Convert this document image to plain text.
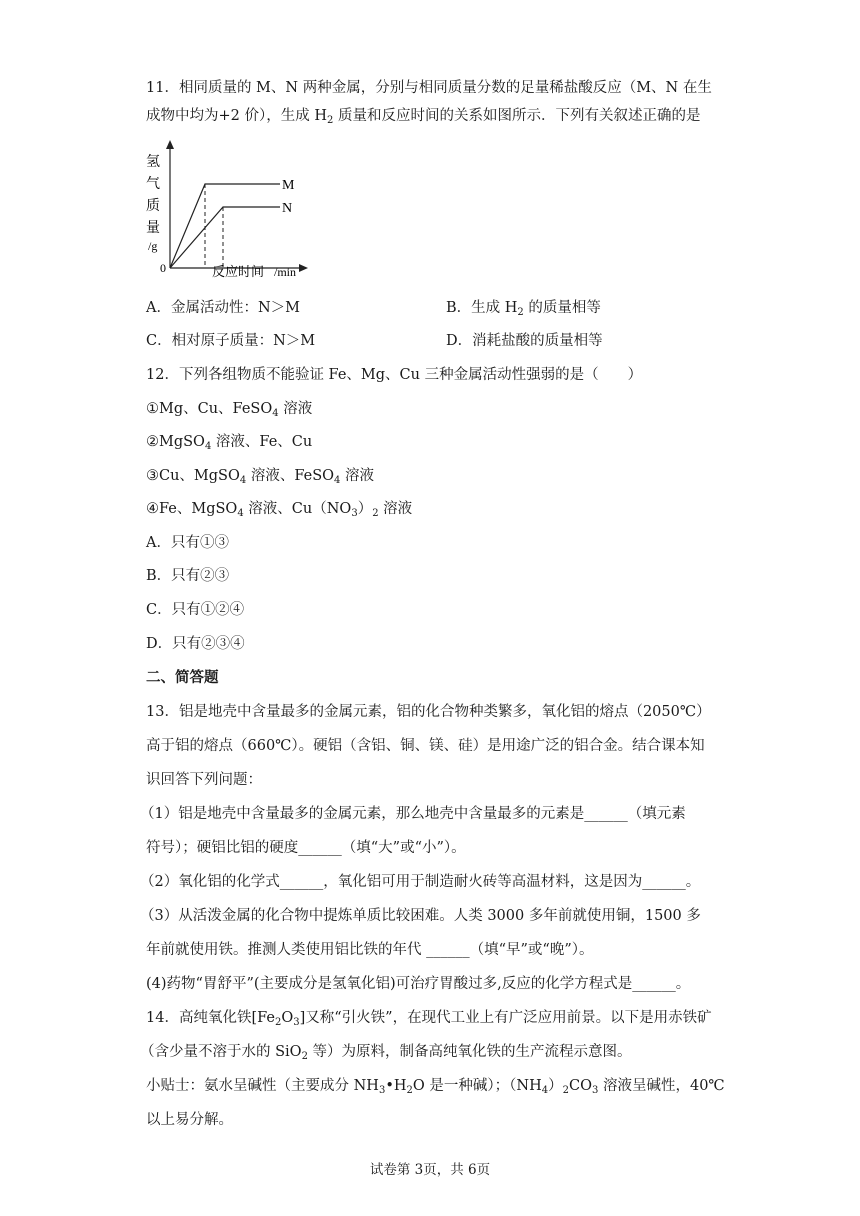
11．相同质量的 M、N 两种金属，分别与相同质量分数的足量稀盐酸反应（M、N 在生
成物中均为+2 价），生成 $H_2$ 质量和反应时间的关系如图所示．下列有关叙述正确的是
M
N
氢
气
质
量
/g
0	反应时间 /min
A．金属活动性：N＞M	B．生成 $H_2$ 的质量相等
C．相对原子质量：N＞M	D．消耗盐酸的质量相等
12．下列各组物质不能验证 Fe、Mg、Cu 三种金属活动性强弱的是（　　）
①Mg、Cu、FeSO$_4$ 溶液
②MgSO$_4$ 溶液、Fe、Cu
③Cu、MgSO$_4$ 溶液、FeSO$_4$ 溶液
④Fe、MgSO$_4$ 溶液、$Cu(NO_3)_2$ 溶液
A．只有①③
B．只有②③
C．只有①②④
D．只有②③④
二、简答题
13．铝是地壳中含量最多的金属元素，铝的化合物种类繁多，氧化铝的熔点（2050℃）
高于铝的熔点（660℃）。硬铝（含铝、铜、镁、硅）是用途广泛的铝合金。结合课本知
识回答下列问题：
（1）铝是地壳中含量最多的金属元素，那么地壳中含量最多的元素是______（填元素
符号）；硬铝比铝的硬度______（填“大”或“小”）。
（2）氧化铝的化学式______，氧化铝可用于制造耐火砖等高温材料，这是因为______。
（3）从活泼金属的化合物中提炼单质比较困难。人类 3000 多年前就使用铜，1500 多
年前就使用铁。推测人类使用铝比铁的年代 ______（填“早”或“晚”）。
(4)药物“胃舒平”(主要成分是氢氧化铝)可治疗胃酸过多,反应的化学方程式是______。
14．高纯氧化铁$[Fe_2O_3]$又称“引火铁”，在现代工业上有广泛应用前景。以下是用赤铁矿
（含少量不溶于水的 SiO$_2$ 等）为原料，制备高纯氧化铁的生产流程示意图。
小贴士：氨水呈碱性（主要成分 $NH_3•H_2O$ 是一种碱）；$(NH_4)_2CO_3$ 溶液呈碱性，40℃
以上易分解。
试卷第 3页，共 6页
